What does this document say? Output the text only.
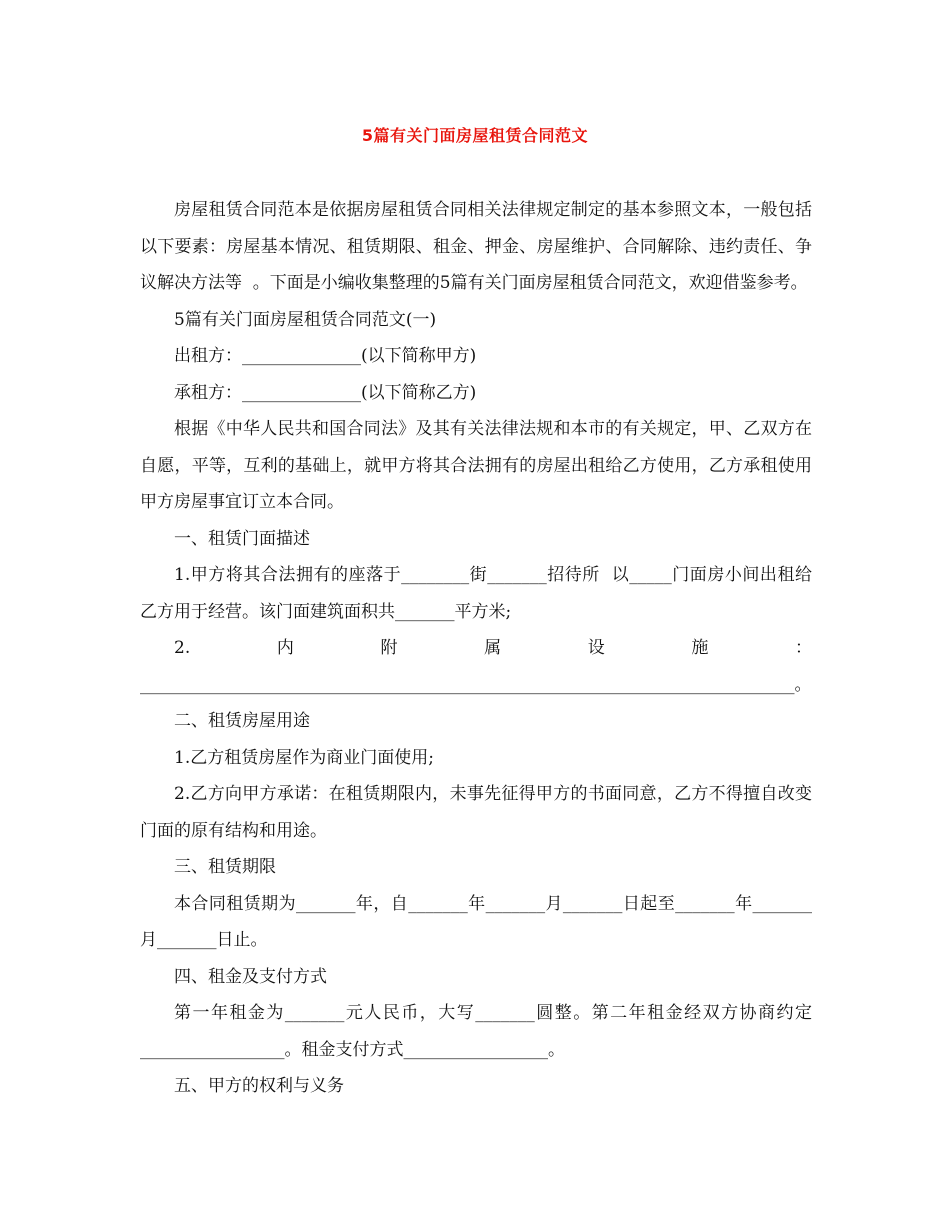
5篇有关门面房屋租赁合同范文

房屋租赁合同范本是依据房屋租赁合同相关法律规定制定的基本参照文本，一般包括以下要素：房屋基本情况、租赁期限、租金、押金、房屋维护、合同解除、违约责任、争议解决方法等  。下面是小编收集整理的5篇有关门面房屋租赁合同范文，欢迎借鉴参考。

5篇有关门面房屋租赁合同范文(一)

出租方：______________(以下简称甲方)

承租方：______________(以下简称乙方)

根据《中华人民共和国合同法》及其有关法律法规和本市的有关规定，甲、乙双方在自愿，平等，互利的基础上，就甲方将其合法拥有的房屋出租给乙方使用，乙方承租使用甲方房屋事宜订立本合同。

一、租赁门面描述

1.甲方将其合法拥有的座落于________街_______招待所  以_____门面房小间出租给乙方用于经营。该门面建筑面积共_______平方米;

2.内附属设施：_____________________________________________________________________________。

二、租赁房屋用途

1.乙方租赁房屋作为商业门面使用;

2.乙方向甲方承诺：在租赁期限内，未事先征得甲方的书面同意，乙方不得擅自改变门面的原有结构和用途。

三、租赁期限

本合同租赁期为_______年，自_______年_______月_______日起至_______年_______月_______日止。

四、租金及支付方式

第一年租金为_______元人民币，大写_______圆整。第二年租金经双方协商约定_________________。租金支付方式_________________。

五、甲方的权利与义务
